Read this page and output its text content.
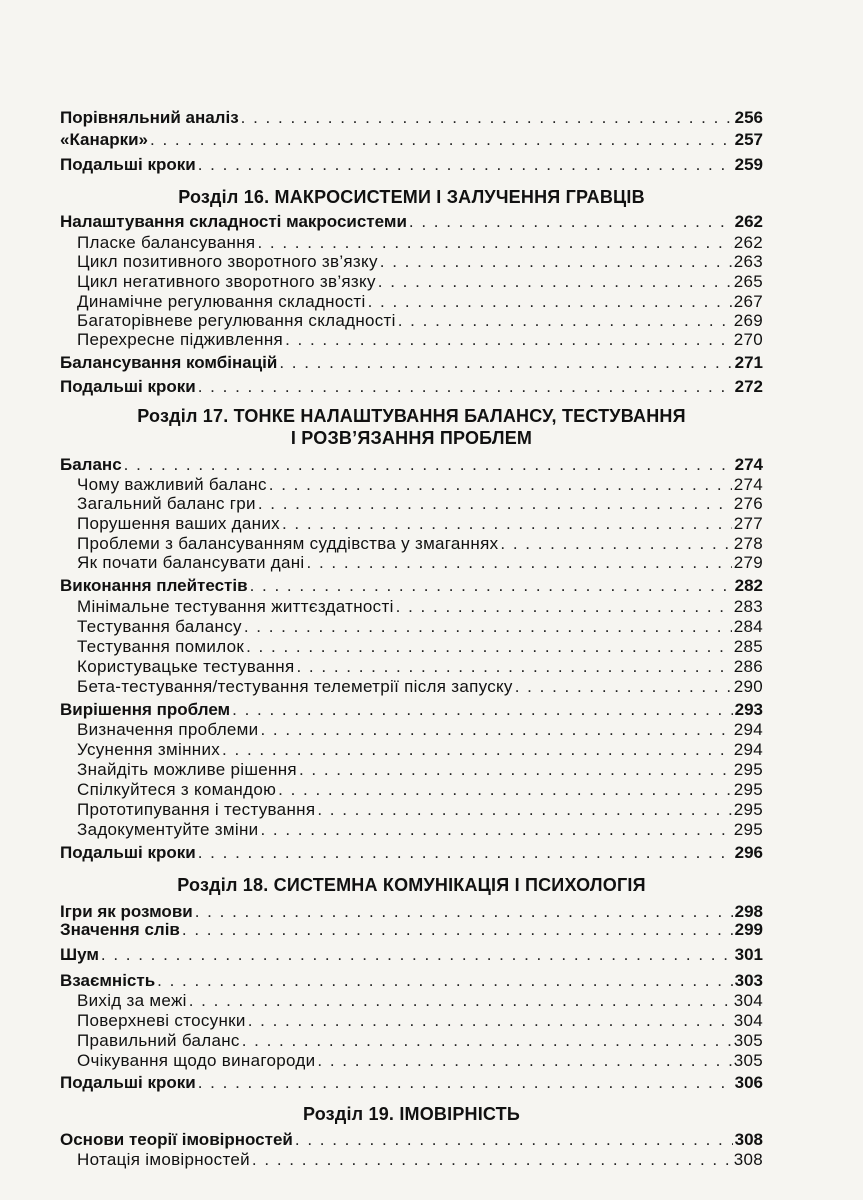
Порівняльний аналіз . . .	256
«Канарки» . . .	257
Подальші кроки . . .	259
Розділ 16. МАКРОСИСТЕМИ І ЗАЛУЧЕННЯ ГРАВЦІВ
Налаштування складності макросистеми . . .	262
Пласке балансування . . .	262
Цикл позитивного зворотного зв’язку . . .	263
Цикл негативного зворотного зв’язку . . .	265
Динамічне регулювання складності . . .	267
Багаторівневе регулювання складності . . .	269
Перехресне підживлення . . .	270
Балансування комбінацій . . .	271
Подальші кроки . . .	272
Розділ 17. ТОНКЕ НАЛАШТУВАННЯ БАЛАНСУ, ТЕСТУВАННЯ
І РОЗВ’ЯЗАННЯ ПРОБЛЕМ
Баланс . . .	274
Чому важливий баланс . . .	274
Загальний баланс гри . . .	276
Порушення ваших даних . . .	277
Проблеми з балансуванням суддівства у змаганнях . . .	278
Як почати балансувати дані . . .	279
Виконання плейтестів . . .	282
Мінімальне тестування життєздатності . . .	283
Тестування балансу . . .	284
Тестування помилок . . .	285
Користувацьке тестування . . .	286
Бета-тестування/тестування телеметрії після запуску . . .	290
Вирішення проблем . . .	293
Визначення проблеми . . .	294
Усунення змінних . . .	294
Знайдіть можливе рішення . . .	295
Спілкуйтеся з командою . . .	295
Прототипування і тестування . . .	295
Задокументуйте зміни . . .	295
Подальші кроки . . .	296
Розділ 18. СИСТЕМНА КОМУНІКАЦІЯ І ПСИХОЛОГІЯ
Ігри як розмови . . .	298
Значення слів . . .	299
Шум . . .	301
Взаємність . . .	303
Вихід за межі . . .	304
Поверхневі стосунки . . .	304
Правильний баланс . . .	305
Очікування щодо винагороди . . .	305
Подальші кроки . . .	306
Розділ 19. ІМОВІРНІСТЬ
Основи теорії імовірностей . . .	308
Нотація імовірностей . . .	308
